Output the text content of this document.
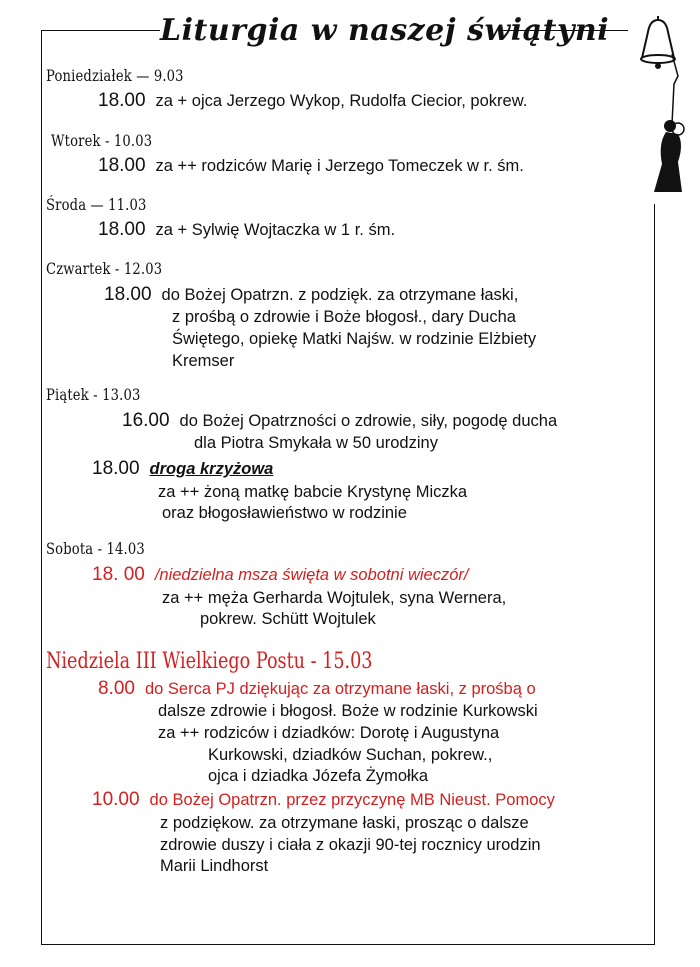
Liturgia w naszej świątyni
Poniedziałek — 9.03
18.00 za + ojca Jerzego Wykop, Rudolfa Ciecior, pokrew.
Wtorek - 10.03
18.00 za ++ rodziców Marię i Jerzego Tomeczek w r. śm.
Środa — 11.03
18.00 za + Sylwię Wojtaczka w 1 r. śm.
Czwartek - 12.03
18.00 do Bożej Opatrzn. z podzięk. za otrzymane łaski,
z prośbą o zdrowie i Boże błogosł., dary Ducha
Świętego, opiekę Matki Najśw. w rodzinie Elżbiety
Kremser
Piątek - 13.03
16.00 do Bożej Opatrzności o zdrowie, siły, pogodę ducha
dla Piotra Smykała w 50 urodziny
18.00 droga krzyżowa
za ++ żoną matkę babcie Krystynę Miczka
oraz błogosławieństwo w rodzinie
Sobota - 14.03
18. 00 /niedzielna msza święta w sobotni wieczór/
za ++ męża Gerharda Wojtulek, syna Wernera,
pokrew. Schütt Wojtulek
Niedziela III Wielkiego Postu - 15.03
8.00 do Serca PJ dziękując za otrzymane łaski, z prośbą o
dalsze zdrowie i błogosł. Boże w rodzinie Kurkowski
za ++ rodziców i dziadków: Dorotę i Augustyna
Kurkowski, dziadków Suchan, pokrew.,
ojca i dziadka Józefa Żymołka
10.00 do Bożej Opatrzn. przez przyczynę MB Nieust. Pomocy
z podziękow. za otrzymane łaski, prosząc o dalsze
zdrowie duszy i ciała z okazji 90-tej rocznicy urodzin
Marii Lindhorst
